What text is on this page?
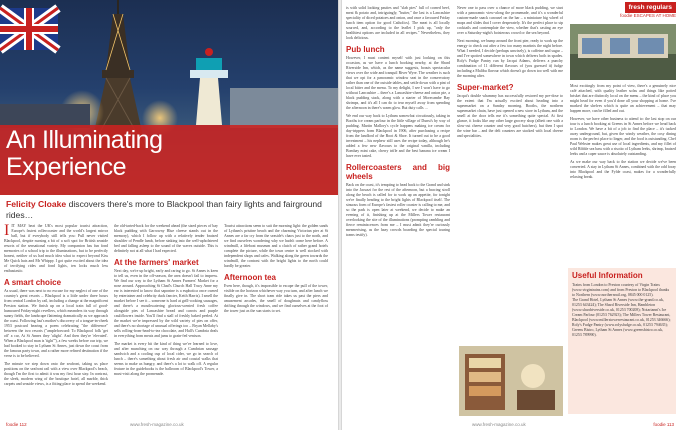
An Illuminating
Experience
Felicity Cloake discovers there's more to Blackpool than fairy lights and fairground rides…
I IT MAY beat the UK's most popular tourist attraction, Europe's fastest rollercoaster and the world's largest mirror ball, but if everybody still tells you: Pull never visited Blackpool, despite nursing a bit of a soft spot for British seaside resorts of the sensational variety. My companion has fun fond memories of a school trip to the illuminations, but to be perfectly honest, neither of us had much idea what to expect beyond Kiss Me Quick hats and Mr Whippy. I got quite excited about the idea of terrifying rides and fond lights, ten locks much less enthusiastic.

A smart choice

As usual, there was next to no excuse for my neglect of one of the country's great resorts – Blackpool is a little under three hours from central London by rail, including a change at the magnificent Preston station. We finish up on a local train full of good-humoured Friday-night revellers, which meanders its way through sunny fields, the landscape flattening dramatically as we approach the coast. Following last's mother's discovery of a tongue-in-cheek 1953 postcard bearing a poem celebrating "the difference" between the two resorts ("ampleforward: To Blackpool folk 'get off' a car, At St Annes they 'alight'. And then they're 'elevated'. When a Blackpool man is 'tight'"), a few weeks before our trip, we had booked to stay in Lytham St Annes, just down the coast from the famous party town, and a rather more refined destination if the verse is to be believed.

The minute we step down onto the seafront, taking us place positions on the seafront rail with a view over Blackpool's beach, though I'm the first to admit it was my first hour stay. In contrast, the sleek, modern wing of the boutique hotel, all marble, thick carpets and seaside views, is a fitting place to spend the weekend.

the old-tarted-back for the weekend ahead (the sized pieces of bay black pudding with Garrowny Blue cheese stands out in the memory), which I follow up with a relatively tender braised shoulder of Pendle lamb, before sinking into the well-upholstered bed and falling asleep to the sound of the waves outside. This is definitely not at all what I had expected.

At the farmers' market

Next day, we're up bright, early and raring to go. St Annes is keen to tell us, even in the off-season, the area doesn't fail to impress. We find our way to the Lytham St Annes Farmers' Market for a nose around. Approaching St Chad's Church Hall Tracy Anne my ear is interested to know that saponine is a euphotica once owned by entertainer and celebrity duck fancier, Keith Harris). I smell the market before I see it – someone is hard at grill-cooking sausages, and there's a mouthwatering glorious-scented fresh coffee alongside pies of Lancashire bread and carrots and purple cauliflowers inside. You'll find a stall of freshly baked peeled. At the market we're impressed by the wild variety of pies on offer, and there's no shortage of unusual offerings too – Bryan Mellaby's sells rolling-from-head-to-tea chocolate, and Hall's Cumbria deals in everything from meats and jams to grain-fed venison.

The market is every bit the kind of thing we've learned to love, and after munching on our way through a Cumbrian sausage sandwich and a cooling cup of local cider, we go in search of lunch – there's something about fresh air and coastal walks that seems to make us hungry, and there's a lot to walk off. A regular feature in the guidebooks is the ballroom of Blackpool's Tower, a must-visit along the promenade.

Tourist attractions seem to suit the morning light: the golden sands of Lytham's pristine beach and the charming Victorian pier at St Annes are a far cry from the seaside's chaos just to the north, and we find ourselves wondering why we hadn't come here before. A windmill, a lifeboat museum and a clutch of rather grand hotels complete the picture, while the town centre is well stocked with independent shops and cafes. Walking along the green towards the windmill, the contrast with the bright lights to the north could hardly be greater.

Afternoon tea

Even here, though, it's impossible to escape the pull of the tower, visible on the horizon whichever way you turn, and after lunch we finally give in. The short tram ride takes us past the piers and amusement arcades, the smell of doughnuts and candyfloss drifting through the windows, and we find ourselves at the foot of the tower just as the sun starts to set.

foodie 112	www.fresh-magazine.co.uk
fresh regulars
foodie ESCAPES AT HOME

is with solid looking pasties and "slab pies" full of corned beef, meat & potato and, intriguingly, "butter," the last is a Lancashire speciality of diced potatoes and onion, and once a favoured Friday lunch item option for good Catholics). The meat is all locally sourced, and, according to the leaflet I pick up, "only the healthiest options are included in all recipes." Nevertheless, they look delicious.

Pub lunch

However, I must content myself with just looking on this occasion, as we have a lunch booking nearby, at the Shard Riverside Inn, which, as the name suggests, boasts spectacular views over the wide and tranquil River Wyre. The weather is such that we opt for a panoramic window seat in the conservatory rather than one of the outside tables, and settle down with a pint of local bitter and the menu. To my delight, I see I won't have to go without Lancashire – there's a Lancashire-cheese and onion pie, a black pudding stack, along with a starter of Morecambe Bay shrimps, and it's all I can do to tear myself away from spending the afternoon in there's warm glow. But duty calls …

We end our way back to Lytham somewhat circuitously, taking in Booths ice cream parlour in the little village of Dunst's by way of pudding. Martin Mallory's cycle happens making ice cream for day-trippers form Blackpool in 1906, after purchasing a recipe from the landlord of the Boot & Shoe. It turned out to be a good investment – his nephew still uses the recipe today, although he's added a few new flavours to the original vanilla, including Bombay mint cake, cherry trifle and the best banana ice cream I have ever tasted.

Rollercoasters and big wheels

Back on the coast, it's tempting to head back to the Grand and sink into the Jacuzzi for the rest of the afternoon, but a bracing stroll along the beach is called for to work up an appetite, for tonight we're finally heading to the bright lights of Blackpool itself. The sinuous form of Europe's fastest roller coaster is calling to me, and so the park is open later at weekend, we decide to make an evening of it, finishing up at the Millers Tower restaurant overlooking the site of the illuminations (prompting rambling and fierce reminiscences from me – I must admit they're curiously mesmerising, as the hazy crowds boarding the special touring trams testify).

Never one to pass over a chance of more black pudding, we start with a panoramic view-along the promenade, and it's a wonderful custom-made snack carousel on the bar – a miniature big wheel of maps and slides that I cover desperately. It's the perfect place to sip cocktails and contemplate the view, whether that's casting an eye over a Saturday-night's boisterous crowd or the sea beyond.

Next morning, we bump around the front pier, ready to work up the energy to check out after a few too many martinis the night before. What I needed, I decide (perhaps unwisely), is caffeine and sugar – and I've spotted somewhere in town which delivers both in spades. Roly's Fudge Pantry run by Jacqui Adams, delivers a punchy combination of 11 different flavours of (you guessed it) fudge including a Malibu flavour which doesn't go down too well with me the morning after.

Super-market?

Jacqui's double whammy has successfully restored my pre-dose to the extent that I'm actually excited about heading into a supermarket on a Sunday morning. Booths, the northern supermarket chain, have just opened a new store in Lytham, and the smell at the door tells me it's something quite special. At first glance, it looks like any other large grocery shop (albeit one with a slow-cut cheese counter and very good butchers), but then I spot the wine bar – and the deli counters are stacked with local cheese and specialities.

Most excitingly from my point of view, there's a genuinely nice café attached, with quality leather sofas and things like potted brisket that are distinctly local on the menu – the kind of place you might head for even if you'd done all your shopping at home. I've marked the shelves which is quite an achievement – that may happen more, can be filled and out.

However, we have other business to attend to: the last stop on our tour is a lunch booking at Greens in St Annes before we head back to London. We have a bit of a job to find the place – it's tucked away underground, but, given the windy weather, the cosy dining room is the perfect place to linger, and the food is outstanding. Chef Paul Webster makes great use of local ingredients, and my fillet of wild Ribble sea bass with a risotto of Lytham leeks, shrimp, braised leeks and a caper sauce is absolutely outstanding.

As we make our way back to the station we decide we've been converted. A stay in Lytham St Annes, combined with the odd foray into Blackpool and the Fylde coast, makes for a wonderfully relaxing break.

Useful Information

Trains from London to Preston courtesy of Virgin Trains (www.virgintrains.com) and from Preston to Blackpool thanks to Northern (www.northernrail.org, 0845 000 0125).

The Grand Hotel, Lytham St Annes (www.the-grand.co.uk, 01253 643424); The Shard Riverside Inn, Hambleton (www.shardriverside.co.uk, 01253 700208); Notarianni's Ice Cream Parlour (01253 762923); The Millers Tower Restaurant, Blackpool (www.millerstowerrestaurant.co.uk, 01253 346666); Roly's Fudge Pantry (www.rolysfudge.co.uk, 01253 794635); Greens Bistro, Lytham St Annes (www.greensbistro.co.uk, 01253 789990).

www.fresh-magazine.co.uk	foodie 113
